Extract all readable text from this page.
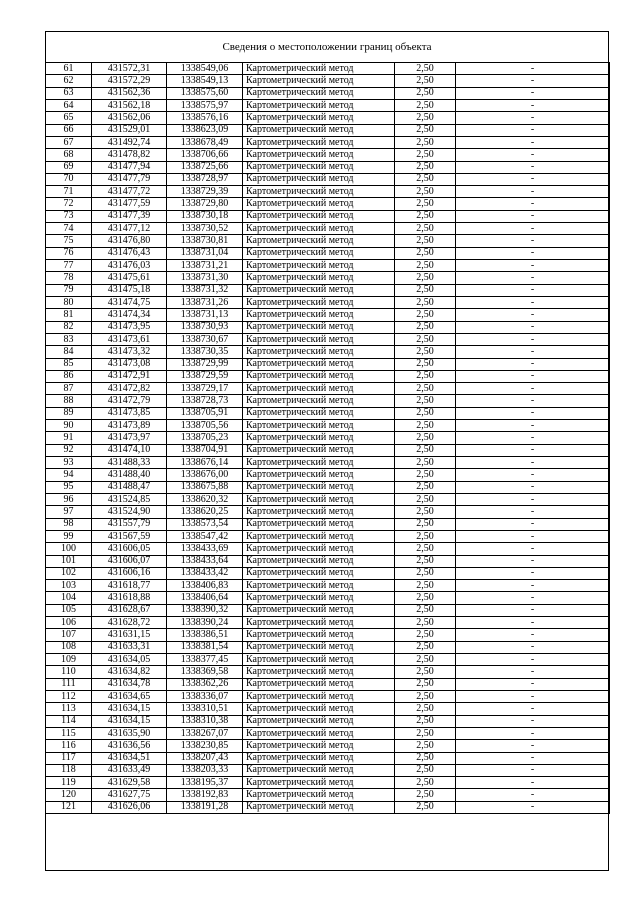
Сведения о местоположении границ объекта
61	431572,31	1338549,06	Картометрический метод	2,50	-
62	431572,29	1338549,13	Картометрический метод	2,50	-
63	431562,36	1338575,60	Картометрический метод	2,50	-
64	431562,18	1338575,97	Картометрический метод	2,50	-
65	431562,06	1338576,16	Картометрический метод	2,50	-
66	431529,01	1338623,09	Картометрический метод	2,50	-
67	431492,74	1338678,49	Картометрический метод	2,50	-
68	431478,82	1338706,66	Картометрический метод	2,50	-
69	431477,94	1338725,66	Картометрический метод	2,50	-
70	431477,79	1338728,97	Картометрический метод	2,50	-
71	431477,72	1338729,39	Картометрический метод	2,50	-
72	431477,59	1338729,80	Картометрический метод	2,50	-
73	431477,39	1338730,18	Картометрический метод	2,50	-
74	431477,12	1338730,52	Картометрический метод	2,50	-
75	431476,80	1338730,81	Картометрический метод	2,50	-
76	431476,43	1338731,04	Картометрический метод	2,50	-
77	431476,03	1338731,21	Картометрический метод	2,50	-
78	431475,61	1338731,30	Картометрический метод	2,50	-
79	431475,18	1338731,32	Картометрический метод	2,50	-
80	431474,75	1338731,26	Картометрический метод	2,50	-
81	431474,34	1338731,13	Картометрический метод	2,50	-
82	431473,95	1338730,93	Картометрический метод	2,50	-
83	431473,61	1338730,67	Картометрический метод	2,50	-
84	431473,32	1338730,35	Картометрический метод	2,50	-
85	431473,08	1338729,99	Картометрический метод	2,50	-
86	431472,91	1338729,59	Картометрический метод	2,50	-
87	431472,82	1338729,17	Картометрический метод	2,50	-
88	431472,79	1338728,73	Картометрический метод	2,50	-
89	431473,85	1338705,91	Картометрический метод	2,50	-
90	431473,89	1338705,56	Картометрический метод	2,50	-
91	431473,97	1338705,23	Картометрический метод	2,50	-
92	431474,10	1338704,91	Картометрический метод	2,50	-
93	431488,33	1338676,14	Картометрический метод	2,50	-
94	431488,40	1338676,00	Картометрический метод	2,50	-
95	431488,47	1338675,88	Картометрический метод	2,50	-
96	431524,85	1338620,32	Картометрический метод	2,50	-
97	431524,90	1338620,25	Картометрический метод	2,50	-
98	431557,79	1338573,54	Картометрический метод	2,50	-
99	431567,59	1338547,42	Картометрический метод	2,50	-
100	431606,05	1338433,69	Картометрический метод	2,50	-
101	431606,07	1338433,64	Картометрический метод	2,50	-
102	431606,16	1338433,42	Картометрический метод	2,50	-
103	431618,77	1338406,83	Картометрический метод	2,50	-
104	431618,88	1338406,64	Картометрический метод	2,50	-
105	431628,67	1338390,32	Картометрический метод	2,50	-
106	431628,72	1338390,24	Картометрический метод	2,50	-
107	431631,15	1338386,51	Картометрический метод	2,50	-
108	431633,31	1338381,54	Картометрический метод	2,50	-
109	431634,05	1338377,45	Картометрический метод	2,50	-
110	431634,82	1338369,58	Картометрический метод	2,50	-
111	431634,78	1338362,26	Картометрический метод	2,50	-
112	431634,65	1338336,07	Картометрический метод	2,50	-
113	431634,15	1338310,51	Картометрический метод	2,50	-
114	431634,15	1338310,38	Картометрический метод	2,50	-
115	431635,90	1338267,07	Картометрический метод	2,50	-
116	431636,56	1338230,85	Картометрический метод	2,50	-
117	431634,51	1338207,43	Картометрический метод	2,50	-
118	431633,49	1338203,33	Картометрический метод	2,50	-
119	431629,58	1338195,37	Картометрический метод	2,50	-
120	431627,75	1338192,83	Картометрический метод	2,50	-
121	431626,06	1338191,28	Картометрический метод	2,50	-
